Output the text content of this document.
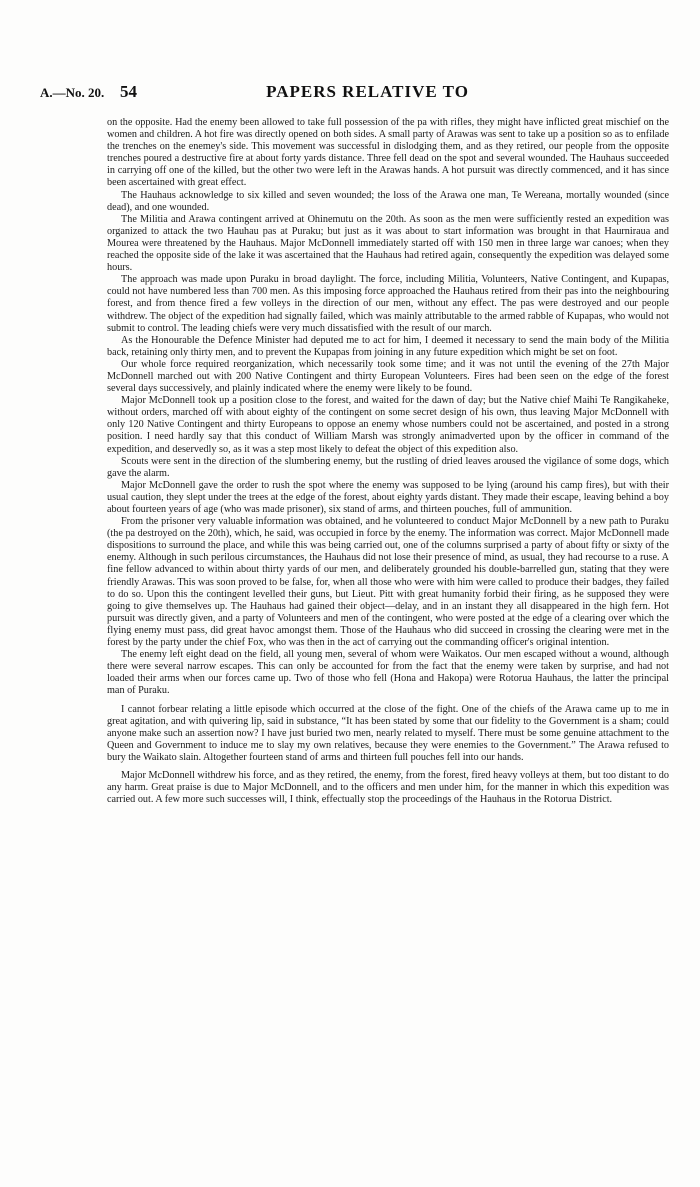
A.—No. 20. 54	PAPERS RELATIVE TO

on the opposite. Had the enemy been allowed to take full possession of the pa with rifles, they might have inflicted great mischief on the women and children. A hot fire was directly opened on both sides. A small party of Arawas was sent to take up a position so as to enfilade the trenches on the enemey's side. This movement was successful in dislodging them, and as they retired, our people from the opposite trenches poured a destructive fire at about forty yards distance. Three fell dead on the spot and several wounded. The Hauhaus succeeded in carrying off one of the killed, but the other two were left in the Arawas hands. A hot pursuit was directly commenced, and it has since been ascertained with great effect.

The Hauhaus acknowledge to six killed and seven wounded; the loss of the Arawa one man, Te Wereana, mortally wounded (since dead), and one wounded.

The Militia and Arawa contingent arrived at Ohinemutu on the 20th. As soon as the men were sufficiently rested an expedition was organized to attack the two Hauhau pas at Puraku; but just as it was about to start information was brought in that Haurniraua and Mourea were threatened by the Hauhaus. Major McDonnell immediately started off with 150 men in three large war canoes; when they reached the opposite side of the lake it was ascertained that the Hauhaus had retired again, consequently the expedition was delayed some hours.

The approach was made upon Puraku in broad daylight. The force, including Militia, Volunteers, Native Contingent, and Kupapas, could not have numbered less than 700 men. As this imposing force approached the Hauhaus retired from their pas into the neighbouring forest, and from thence fired a few volleys in the direction of our men, without any effect. The pas were destroyed and our people withdrew. The object of the expedition had signally failed, which was mainly attributable to the armed rabble of Kupapas, who would not submit to control. The leading chiefs were very much dissatisfied with the result of our march.

As the Honourable the Defence Minister had deputed me to act for him, I deemed it necessary to send the main body of the Militia back, retaining only thirty men, and to prevent the Kupapas from joining in any future expedition which might be set on foot.

Our whole force required reorganization, which necessarily took some time; and it was not until the evening of the 27th Major McDonnell marched out with 200 Native Contingent and thirty European Volunteers. Fires had been seen on the edge of the forest several days successively, and plainly indicated where the enemy were likely to be found.

Major McDonnell took up a position close to the forest, and waited for the dawn of day; but the Native chief Maihi Te Rangikaheke, without orders, marched off with about eighty of the contingent on some secret design of his own, thus leaving Major McDonnell with only 120 Native Contingent and thirty Europeans to oppose an enemy whose numbers could not be ascertained, and posted in a strong position. I need hardly say that this conduct of William Marsh was strongly animadverted upon by the officer in command of the expedition, and deservedly so, as it was a step most likely to defeat the object of this expedition also.

Scouts were sent in the direction of the slumbering enemy, but the rustling of dried leaves aroused the vigilance of some dogs, which gave the alarm.

Major McDonnell gave the order to rush the spot where the enemy was supposed to be lying (around his camp fires), but with their usual caution, they slept under the trees at the edge of the forest, about eighty yards distant. They made their escape, leaving behind a boy about fourteen years of age (who was made prisoner), six stand of arms, and thirteen pouches, full of ammunition.

From the prisoner very valuable information was obtained, and he volunteered to conduct Major McDonnell by a new path to Puraku (the pa destroyed on the 20th), which, he said, was occupied in force by the enemy. The information was correct. Major McDonnell made dispositions to surround the place, and while this was being carried out, one of the columns surprised a party of about fifty or sixty of the enemy. Although in such perilous circumstances, the Hauhaus did not lose their presence of mind, as usual, they had recourse to a ruse. A fine fellow advanced to within about thirty yards of our men, and deliberately grounded his double-barrelled gun, stating that they were friendly Arawas. This was soon proved to be false, for, when all those who were with him were called to produce their badges, they failed to do so. Upon this the contingent levelled their guns, but Lieut. Pitt with great humanity forbid their firing, as he supposed they were going to give themselves up. The Hauhaus had gained their object—delay, and in an instant they all disappeared in the high fern. Hot pursuit was directly given, and a party of Volunteers and men of the contingent, who were posted at the edge of a clearing over which the flying enemy must pass, did great havoc amongst them. Those of the Hauhaus who did succeed in crossing the clearing were met in the forest by the party under the chief Fox, who was then in the act of carrying out the commanding officer's original intention.

The enemy left eight dead on the field, all young men, several of whom were Waikatos. Our men escaped without a wound, although there were several narrow escapes. This can only be accounted for from the fact that the enemy were taken by surprise, and had not loaded their arms when our forces came up. Two of those who fell (Hona and Hakopa) were Rotorua Hauhaus, the latter the principal man of Puraku.

I cannot forbear relating a little episode which occurred at the close of the fight. One of the chiefs of the Arawa came up to me in great agitation, and with quivering lip, said in substance, “It has been stated by some that our fidelity to the Government is a sham; could anyone make such an assertion now? I have just buried two men, nearly related to myself. There must be some genuine attachment to the Queen and Government to induce me to slay my own relatives, because they were enemies to the Government.” The Arawa refused to bury the Waikato slain. Altogether fourteen stand of arms and thirteen full pouches fell into our hands.

Major McDonnell withdrew his force, and as they retired, the enemy, from the forest, fired heavy volleys at them, but too distant to do any harm. Great praise is due to Major McDonnell, and to the officers and men under him, for the manner in which this expedition was carried out. A few more such successes will, I think, effectually stop the proceedings of the Hauhaus in the Rotorua District.
